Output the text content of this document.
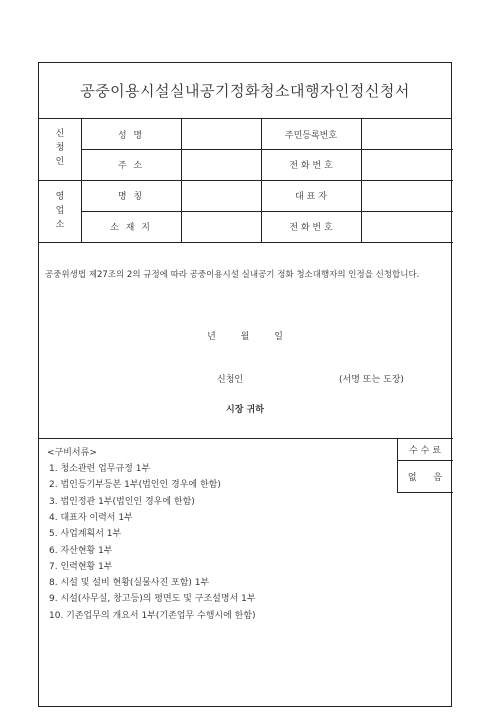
공중이용시설실내공기정화청소대행자인정신청서
신청인
성 명	주민등록번호
주 소	전 화 번 호
영업소
명 칭	대 표 자
소 재 지	전 화 번 호
공중위생법 제27조의 2의 규정에 따라 공중이용시설 실내공기 정화 청소대행자의 인정을 신청합니다.
년 월 일
신청인	(서명 또는 도장)
시장 귀하
수 수 료
없 음
<구비서류>
1. 청소관련 업무규정 1부
2. 법인등기부등본 1부(법인인 경우에 한함)
3. 법인정관 1부(법인인 경우에 한함)
4. 대표자 이력서 1부
5. 사업계획서 1부
6. 자산현황 1부
7. 인력현황 1부
8. 시설 및 설비 현황(실물사진 포함) 1부
9. 시설(사무실, 창고등)의 평면도 및 구조설명서 1부
10. 기존업무의 개요서 1부(기존업무 수행시에 한함)
